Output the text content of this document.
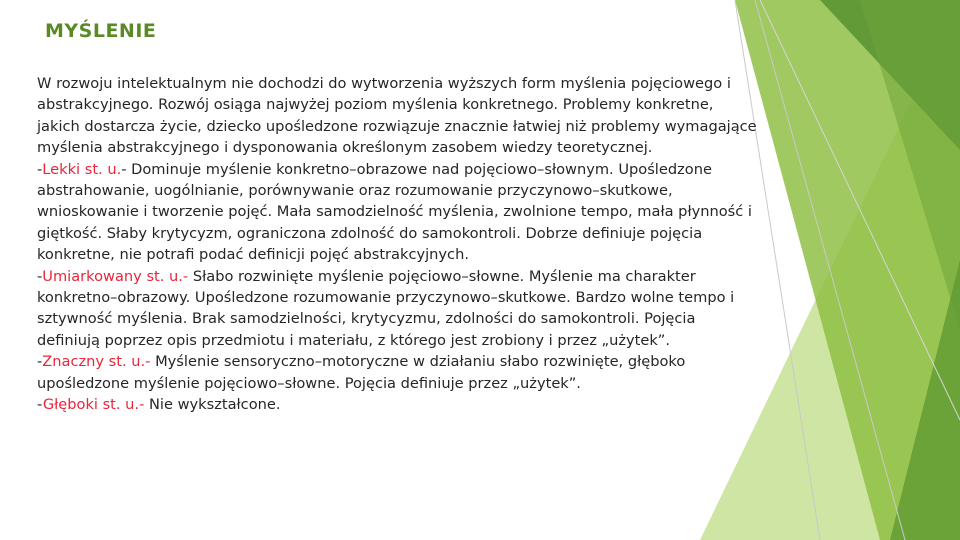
MYŚLENIE

W rozwoju intelektualnym nie dochodzi do wytworzenia wyższych form myślenia pojęciowego i abstrakcyjnego. Rozwój osiąga najwyżej poziom myślenia konkretnego. Problemy konkretne, jakich dostarcza życie, dziecko upośledzone rozwiązuje znacznie łatwiej niż problemy wymagające myślenia abstrakcyjnego i dysponowania określonym zasobem wiedzy teoretycznej.

-Lekki st. u.- Dominuje myślenie konkretno–obrazowe nad pojęciowo–słownym. Upośledzone abstrahowanie, uogólnianie, porównywanie oraz rozumowanie przyczynowo–skutkowe, wnioskowanie i tworzenie pojęć. Mała samodzielność myślenia, zwolnione tempo, mała płynność i giętkość. Słaby krytycyzm, ograniczona zdolność do samokontroli. Dobrze definiuje pojęcia konkretne, nie potrafi podać definicji pojęć abstrakcyjnych.

-Umiarkowany st. u.- Słabo rozwinięte myślenie pojęciowo–słowne. Myślenie ma charakter konkretno–obrazowy. Upośledzone rozumowanie przyczynowo–skutkowe. Bardzo wolne tempo i sztywność myślenia. Brak samodzielności, krytycyzmu, zdolności do samokontroli. Pojęcia definiują poprzez opis przedmiotu i materiału, z którego jest zrobiony i przez „użytek”.

-Znaczny st. u.- Myślenie sensoryczno–motoryczne w działaniu słabo rozwinięte, głęboko upośledzone myślenie pojęciowo–słowne. Pojęcia definiuje przez „użytek”.

-Głęboki st. u.- Nie wykształcone.
